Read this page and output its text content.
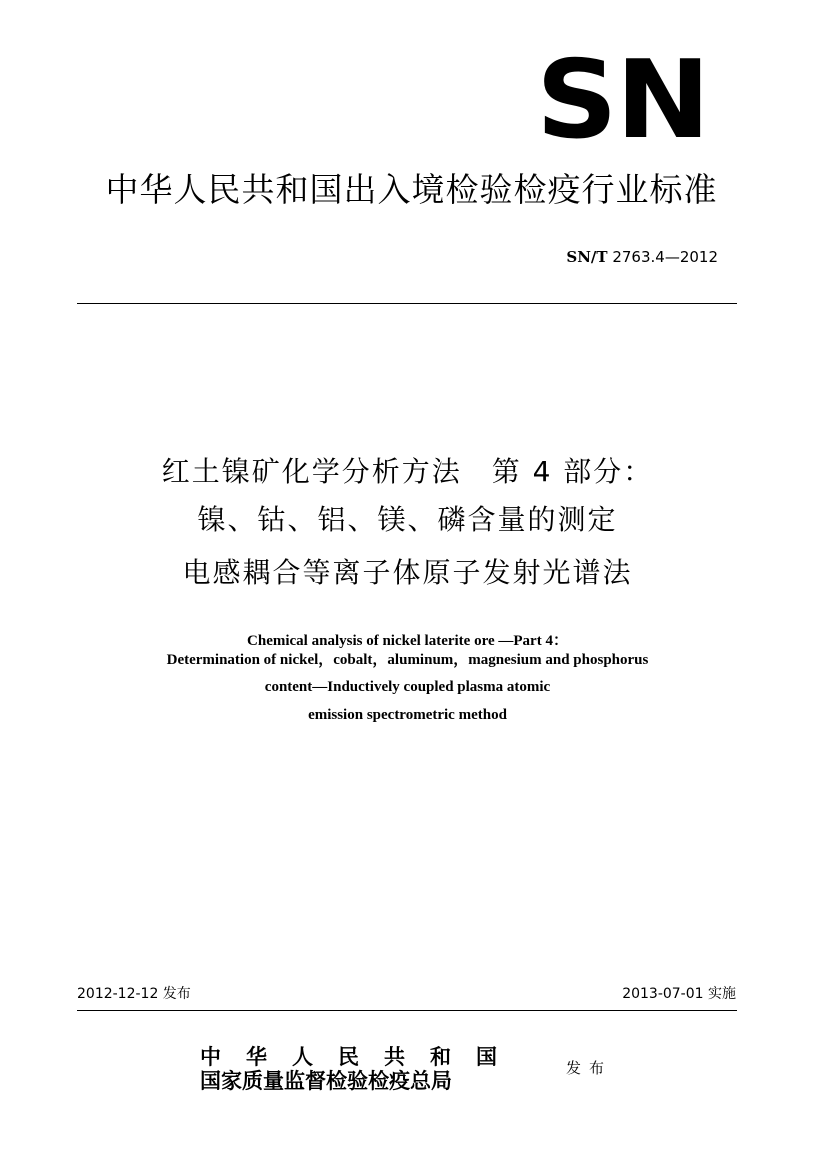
SN
中华人民共和国出入境检验检疫行业标准
SN/T 2763.4—2012
红土镍矿化学分析方法　第 4 部分：
镍、钴、铝、镁、磷含量的测定
电感耦合等离子体原子发射光谱法
Chemical analysis of nickel laterite ore —Part 4：
Determination of nickel，cobalt，aluminum，magnesium and phosphorus
content—Inductively coupled plasma atomic
emission spectrometric method
2012-12-12 发布	2013-07-01 实施
中华人民共和国
国家质量监督检验检疫总局	发布
